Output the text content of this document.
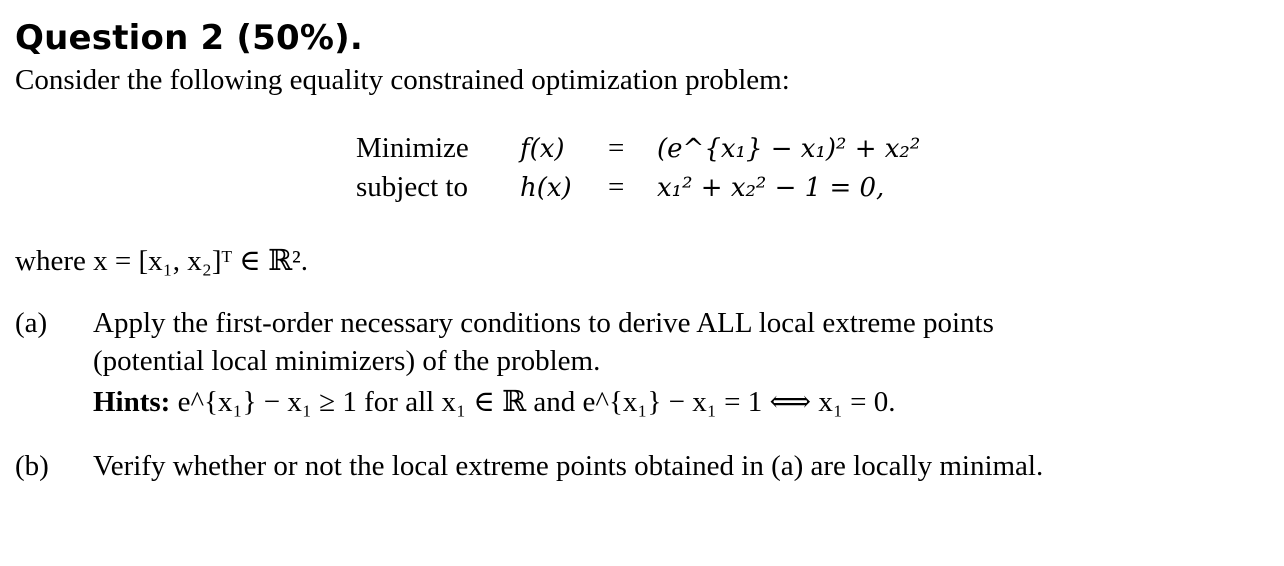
Question 2 (50%).
Consider the following equality constrained optimization problem:
Minimize f(x) = (e^{x₁} − x₁)² + x₂²
subject to h(x) = x₁² + x₂² − 1 = 0,
where x = [x₁, x₂]ᵀ ∈ ℝ².
(a) Apply the first-order necessary conditions to derive ALL local extreme points
(potential local minimizers) of the problem.
Hints: e^{x₁} − x₁ ≥ 1 for all x₁ ∈ ℝ and e^{x₁} − x₁ = 1 ⟺ x₁ = 0.
(b) Verify whether or not the local extreme points obtained in (a) are locally minimal.
